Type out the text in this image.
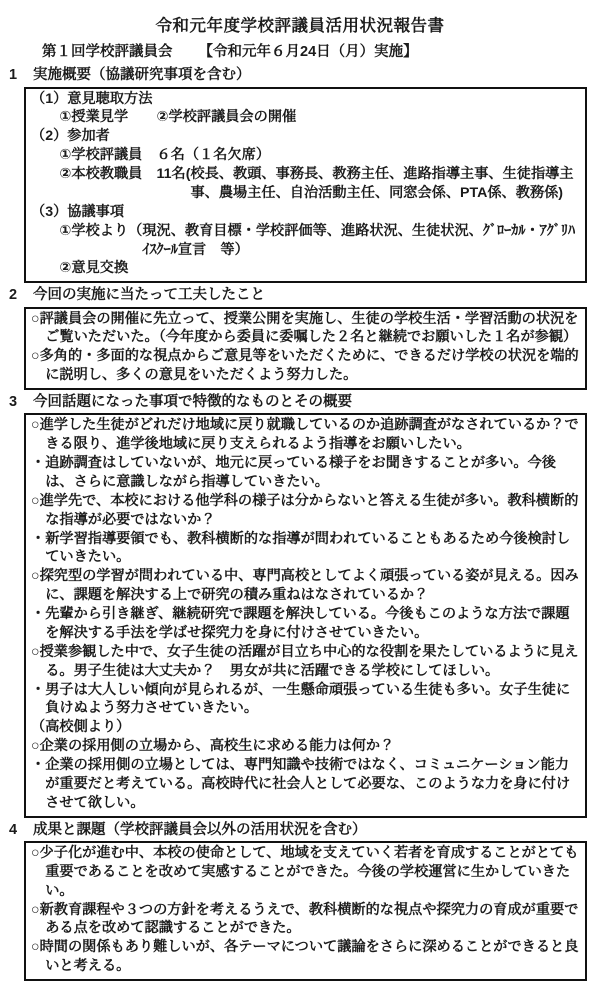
令和元年度学校評議員活用状況報告書
第１回学校評議員会 【令和元年６月24日（月）実施】
1	実施概要（協議研究事項を含む）
（1）意見聴取方法
①授業見学　　②学校評議員会の開催
（2）参加者
①学校評議員　６名（１名欠席）
②本校教職員　11名( 校長、教頭、事務長、教務主任、進路指導主事、生徒指導主事、農場主任、自治活動主任、同窓会係、PTA係、教務係)
（3）協議事項
①学校より（ 現況、教育目標・学校評価等、進路状況、生徒状況、ｸﾞﾛｰｶﾙ・ｱｸﾞﾘﾊｲｽｸｰﾙ宣言　等）
②意見交換
2	今回の実施に当たって工夫したこと
○評議員会の開催に先立って、授業公開を実施し、生徒の学校生活・学習活動の状況をご覧いただいた。（今年度から委員に委嘱した２名と継続でお願いした１名が参観）
○多角的・多面的な視点からご意見等をいただくために、できるだけ学校の状況を端的に説明し、多くの意見をいただくよう努力した。
3	今回話題になった事項で特徴的なものとその概要
○進学した生徒がどれだけ地域に戻り就職しているのか追跡調査がなされているか？できる限り、進学後地域に戻り支えられるよう指導をお願いしたい。
・追跡調査はしていないが、地元に戻っている様子をお聞きすることが多い。今後は、さらに意識しながら指導していきたい。
○進学先で、本校における他学科の様子は分からないと答える生徒が多い。教科横断的な指導が必要ではないか？
・新学習指導要領でも、教科横断的な指導が問われていることもあるため今後検討していきたい。
○探究型の学習が問われている中、専門高校としてよく頑張っている姿が見える。因みに、課題を解決する上で研究の積み重ねはなされているか？
・先輩から引き継ぎ、継続研究で課題を解決している。今後もこのような方法で課題を解決する手法を学ばせ探究力を身に付けさせていきたい。
○授業参観した中で、女子生徒の活躍が目立ち中心的な役割を果たしているように見える。男子生徒は大丈夫か？　男女が共に活躍できる学校にしてほしい。
・男子は大人しい傾向が見られるが、一生懸命頑張っている生徒も多い。女子生徒に負けぬよう努力させていきたい。
（高校側より）
○企業の採用側の立場から、高校生に求める能力は何か？
・企業の採用側の立場としては、専門知識や技術ではなく、コミュニケーション能力が重要だと考えている。高校時代に社会人として必要な、このような力を身に付けさせて欲しい。
4	成果と課題（学校評議員会以外の活用状況を含む）
○少子化が進む中、本校の使命として、地域を支えていく若者を育成することがとても重要であることを改めて実感することができた。今後の学校運営に生かしていきたい。
○新教育課程や３つの方針を考えるうえで、教科横断的な視点や探究力の育成が重要である点を改めて認識することができた。
○時間の関係もあり難しいが、各テーマについて議論をさらに深めることができると良いと考える。
